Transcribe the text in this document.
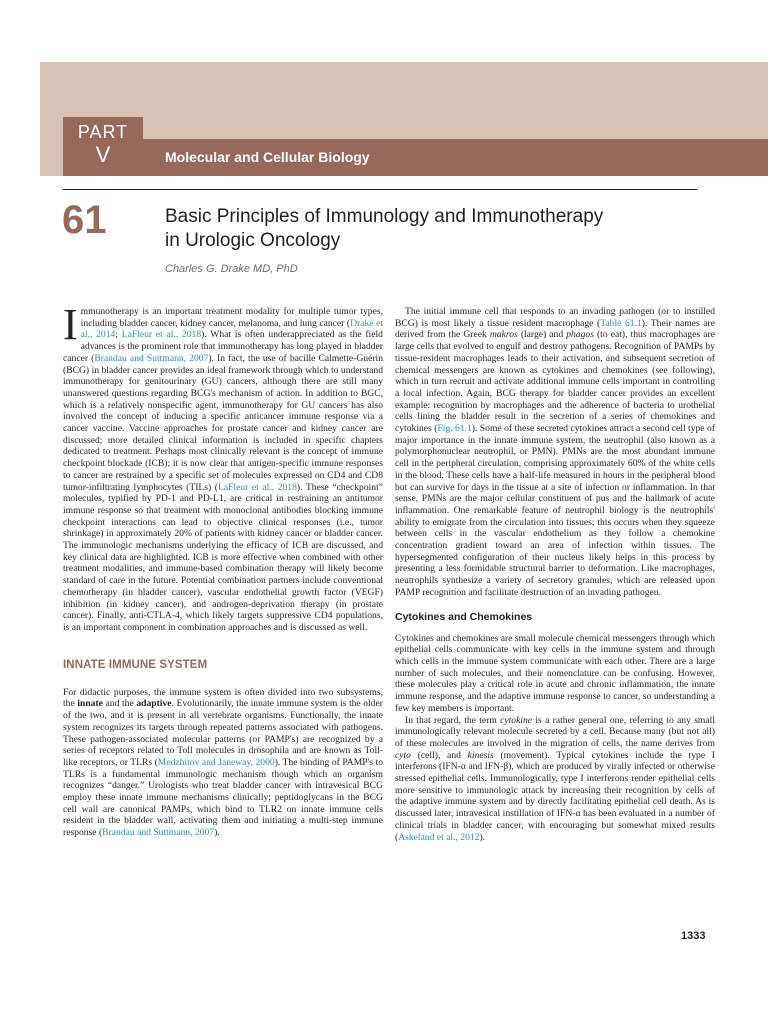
PART
V	Molecular and Cellular Biology
61	Basic Principles of Immunology and Immunotherapy
in Urologic Oncology
Charles G. Drake MD, PhD

Immunotherapy is an important treatment modality for multiple tumor types, including bladder cancer, kidney cancer, melanoma, and lung cancer (Drake et al., 2014; LaFleur et al., 2018). What is often underappreciated as the field advances is the prominent role that immunotherapy has long played in bladder cancer (Brandau and Suttmann, 2007). In fact, the use of bacille Calmette-Guérin (BCG) in bladder cancer provides an ideal framework through which to understand immunotherapy for genitourinary (GU) cancers, although there are still many unanswered questions regarding BCG's mechanism of action. In addition to BGC, which is a relatively nonspecific agent, immunotherapy for GU cancers has also involved the concept of inducing a specific anticancer immune response via a cancer vaccine. Vaccine approaches for prostate cancer and kidney cancer are discussed; more detailed clinical information is included in specific chapters dedicated to treatment. Perhaps most clinically relevant is the concept of immune checkpoint blockade (ICB); it is now clear that antigen-specific immune responses to cancer are restrained by a specific set of molecules expressed on CD4 and CD8 tumor-infiltrating lymphocytes (TILs) (LaFleur et al., 2018). These “checkpoint” molecules, typified by PD-1 and PD-L1, are critical in restraining an antitumor immune response so that treatment with monoclonal antibodies blocking immune checkpoint interactions can lead to objective clinical responses (i.e., tumor shrinkage) in approximately 20% of patients with kidney cancer or bladder cancer. The immunologic mechanisms underlying the efficacy of ICB are discussed, and key clinical data are highlighted. ICB is more effective when combined with other treatment modalities, and immune-based combination therapy will likely become standard of care in the future. Potential combination partners include conventional chemotherapy (in bladder cancer), vascular endothelial growth factor (VEGF) inhibition (in kidney cancer), and androgen-deprivation therapy (in prostate cancer). Finally, anti-CTLA-4, which likely targets suppressive CD4 populations, is an important component in combination approaches and is discussed as well.

INNATE IMMUNE SYSTEM

For didactic purposes, the immune system is often divided into two subsystems, the innate and the adaptive. Evolutionarily, the innate immune system is the older of the two, and it is present in all vertebrate organisms. Functionally, the innate system recognizes its targets through repeated patterns associated with pathogens. These pathogen-associated molecular patterns (or PAMP's) are recognized by a series of receptors related to Toll molecules in drosophila and are known as Toll-like receptors, or TLRs (Medzhitov and Janeway, 2000). The binding of PAMP's to TLRs is a fundamental immunologic mechanism though which an organism recognizes “danger.” Urologists who treat bladder cancer with intravesical BCG employ these innate immune mechanisms clinically; peptidoglycans in the BCG cell wall are canonical PAMPs, which bind to TLR2 on innate immune cells resident in the bladder wall, activating them and initiating a multi-step immune response (Brandau and Suttmann, 2007).

The initial immune cell that responds to an invading pathogen (or to instilled BCG) is most likely a tissue resident macrophage (Table 61.1). Their names are derived from the Greek makros (large) and phagos (to eat), thus macrophages are large cells that evolved to engulf and destroy pathogens. Recognition of PAMPs by tissue-resident macrophages leads to their activation, and subsequent secretion of chemical messengers are known as cytokines and chemokines (see following), which in turn recruit and activate additional immune cells important in controlling a local infection. Again, BCG therapy for bladder cancer provides an excellent example: recognition by macrophages and the adherence of bacteria to urothelial cells lining the bladder result in the secretion of a series of chemokines and cytokines (Fig. 61.1). Some of these secreted cytokines attract a second cell type of major importance in the innate immune system, the neutrophil (also known as a polymorphonuclear neutrophil, or PMN). PMNs are the most abundant immune cell in the peripheral circulation, comprising approximately 60% of the white cells in the blood. These cells have a half-life measured in hours in the peripheral blood but can survive for days in the tissue at a site of infection or inflammation. In that sense, PMNs are the major cellular constituent of pus and the hallmark of acute inflammation. One remarkable feature of neutrophil biology is the neutrophils' ability to emigrate from the circulation into tissues; this occurs when they squeeze between cells in the vascular endothelium as they follow a chemokine concentration gradient toward an area of infection within tissues. The hypersegmented configuration of their nucleus likely helps in this process by presenting a less formidable structural barrier to deformation. Like macrophages, neutrophils synthesize a variety of secretory granules, which are released upon PAMP recognition and facilitate destruction of an invading pathogen.

Cytokines and Chemokines

Cytokines and chemokines are small molecule chemical messengers through which epithelial cells communicate with key cells in the immune system and through which cells in the immune system communicate with each other. There are a large number of such molecules, and their nomenclature can be confusing. However, these molecules play a critical role in acute and chronic inflammation, the innate immune response, and the adaptive immune response to cancer, so understanding a few key members is important.

In that regard, the term cytokine is a rather general one, referring to any small immunologically relevant molecule secreted by a cell. Because many (but not all) of these molecules are involved in the migration of cells, the name derives from cyto (cell), and kinesis (movement). Typical cytokines include the type I interferons (IFN-α and IFN-β), which are produced by virally infected or otherwise stressed epithelial cells. Immunologically, type I interferons render epithelial cells more sensitive to immunologic attack by increasing their recognition by cells of the adaptive immune system and by directly facilitating epithelial cell death. As is discussed later, intravesical instillation of IFN-α has been evaluated in a number of clinical trials in bladder cancer, with encouraging but somewhat mixed results (Askeland et al., 2012).

1333
